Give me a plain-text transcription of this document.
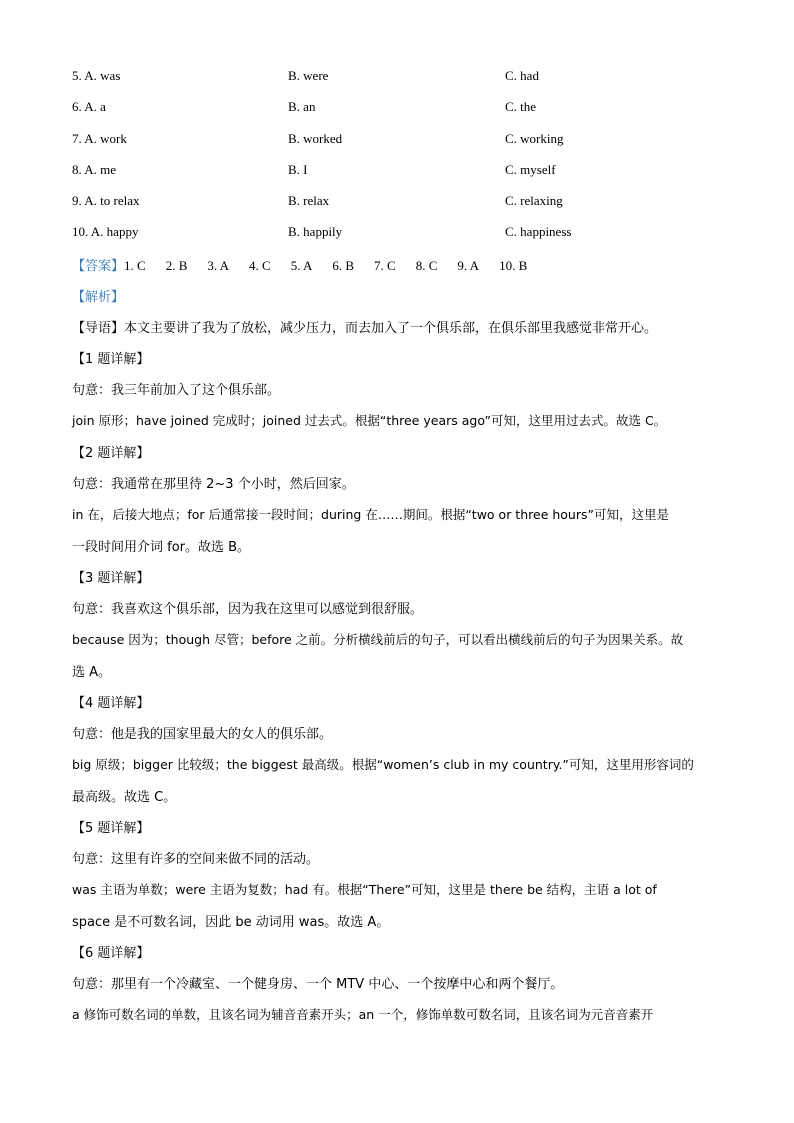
5. A. was	B. were	C. had
6. A. a	B. an	C. the
7. A. work	B. worked	C. working
8. A. me	B. I	C. myself
9. A. to relax	B. relax	C. relaxing
10. A. happy	B. happily	C. happiness
【答案】1. C 2. B 3. A 4. C 5. A 6. B 7. C 8. C 9. A 10. B
【解析】
【导语】本文主要讲了我为了放松，减少压力，而去加入了一个俱乐部，在俱乐部里我感觉非常开心。
【1 题详解】
句意：我三年前加入了这个俱乐部。
join 原形；have joined 完成时；joined 过去式。根据“three years ago”可知，这里用过去式。故选 C。
【2 题详解】
句意：我通常在那里待 2~3 个小时，然后回家。
in 在，后接大地点；for 后通常接一段时间；during 在……期间。根据“two or three hours”可知，这里是
一段时间用介词 for。故选 B。
【3 题详解】
句意：我喜欢这个俱乐部，因为我在这里可以感觉到很舒服。
because 因为；though 尽管；before 之前。分析横线前后的句子，可以看出横线前后的句子为因果关系。故
选 A。
【4 题详解】
句意：他是我的国家里最大的女人的俱乐部。
big 原级；bigger 比较级；the biggest 最高级。根据“women’s club in my country.”可知，这里用形容词的
最高级。故选 C。
【5 题详解】
句意：这里有许多的空间来做不同的活动。
was 主语为单数；were 主语为复数；had 有。根据“There”可知，这里是 there be 结构，主语 a lot of
space 是不可数名词，因此 be 动词用 was。故选 A。
【6 题详解】
句意：那里有一个冷藏室、一个健身房、一个 MTV 中心、一个按摩中心和两个餐厅。
a 修饰可数名词的单数，且该名词为辅音音素开头；an 一个，修饰单数可数名词，且该名词为元音音素开
